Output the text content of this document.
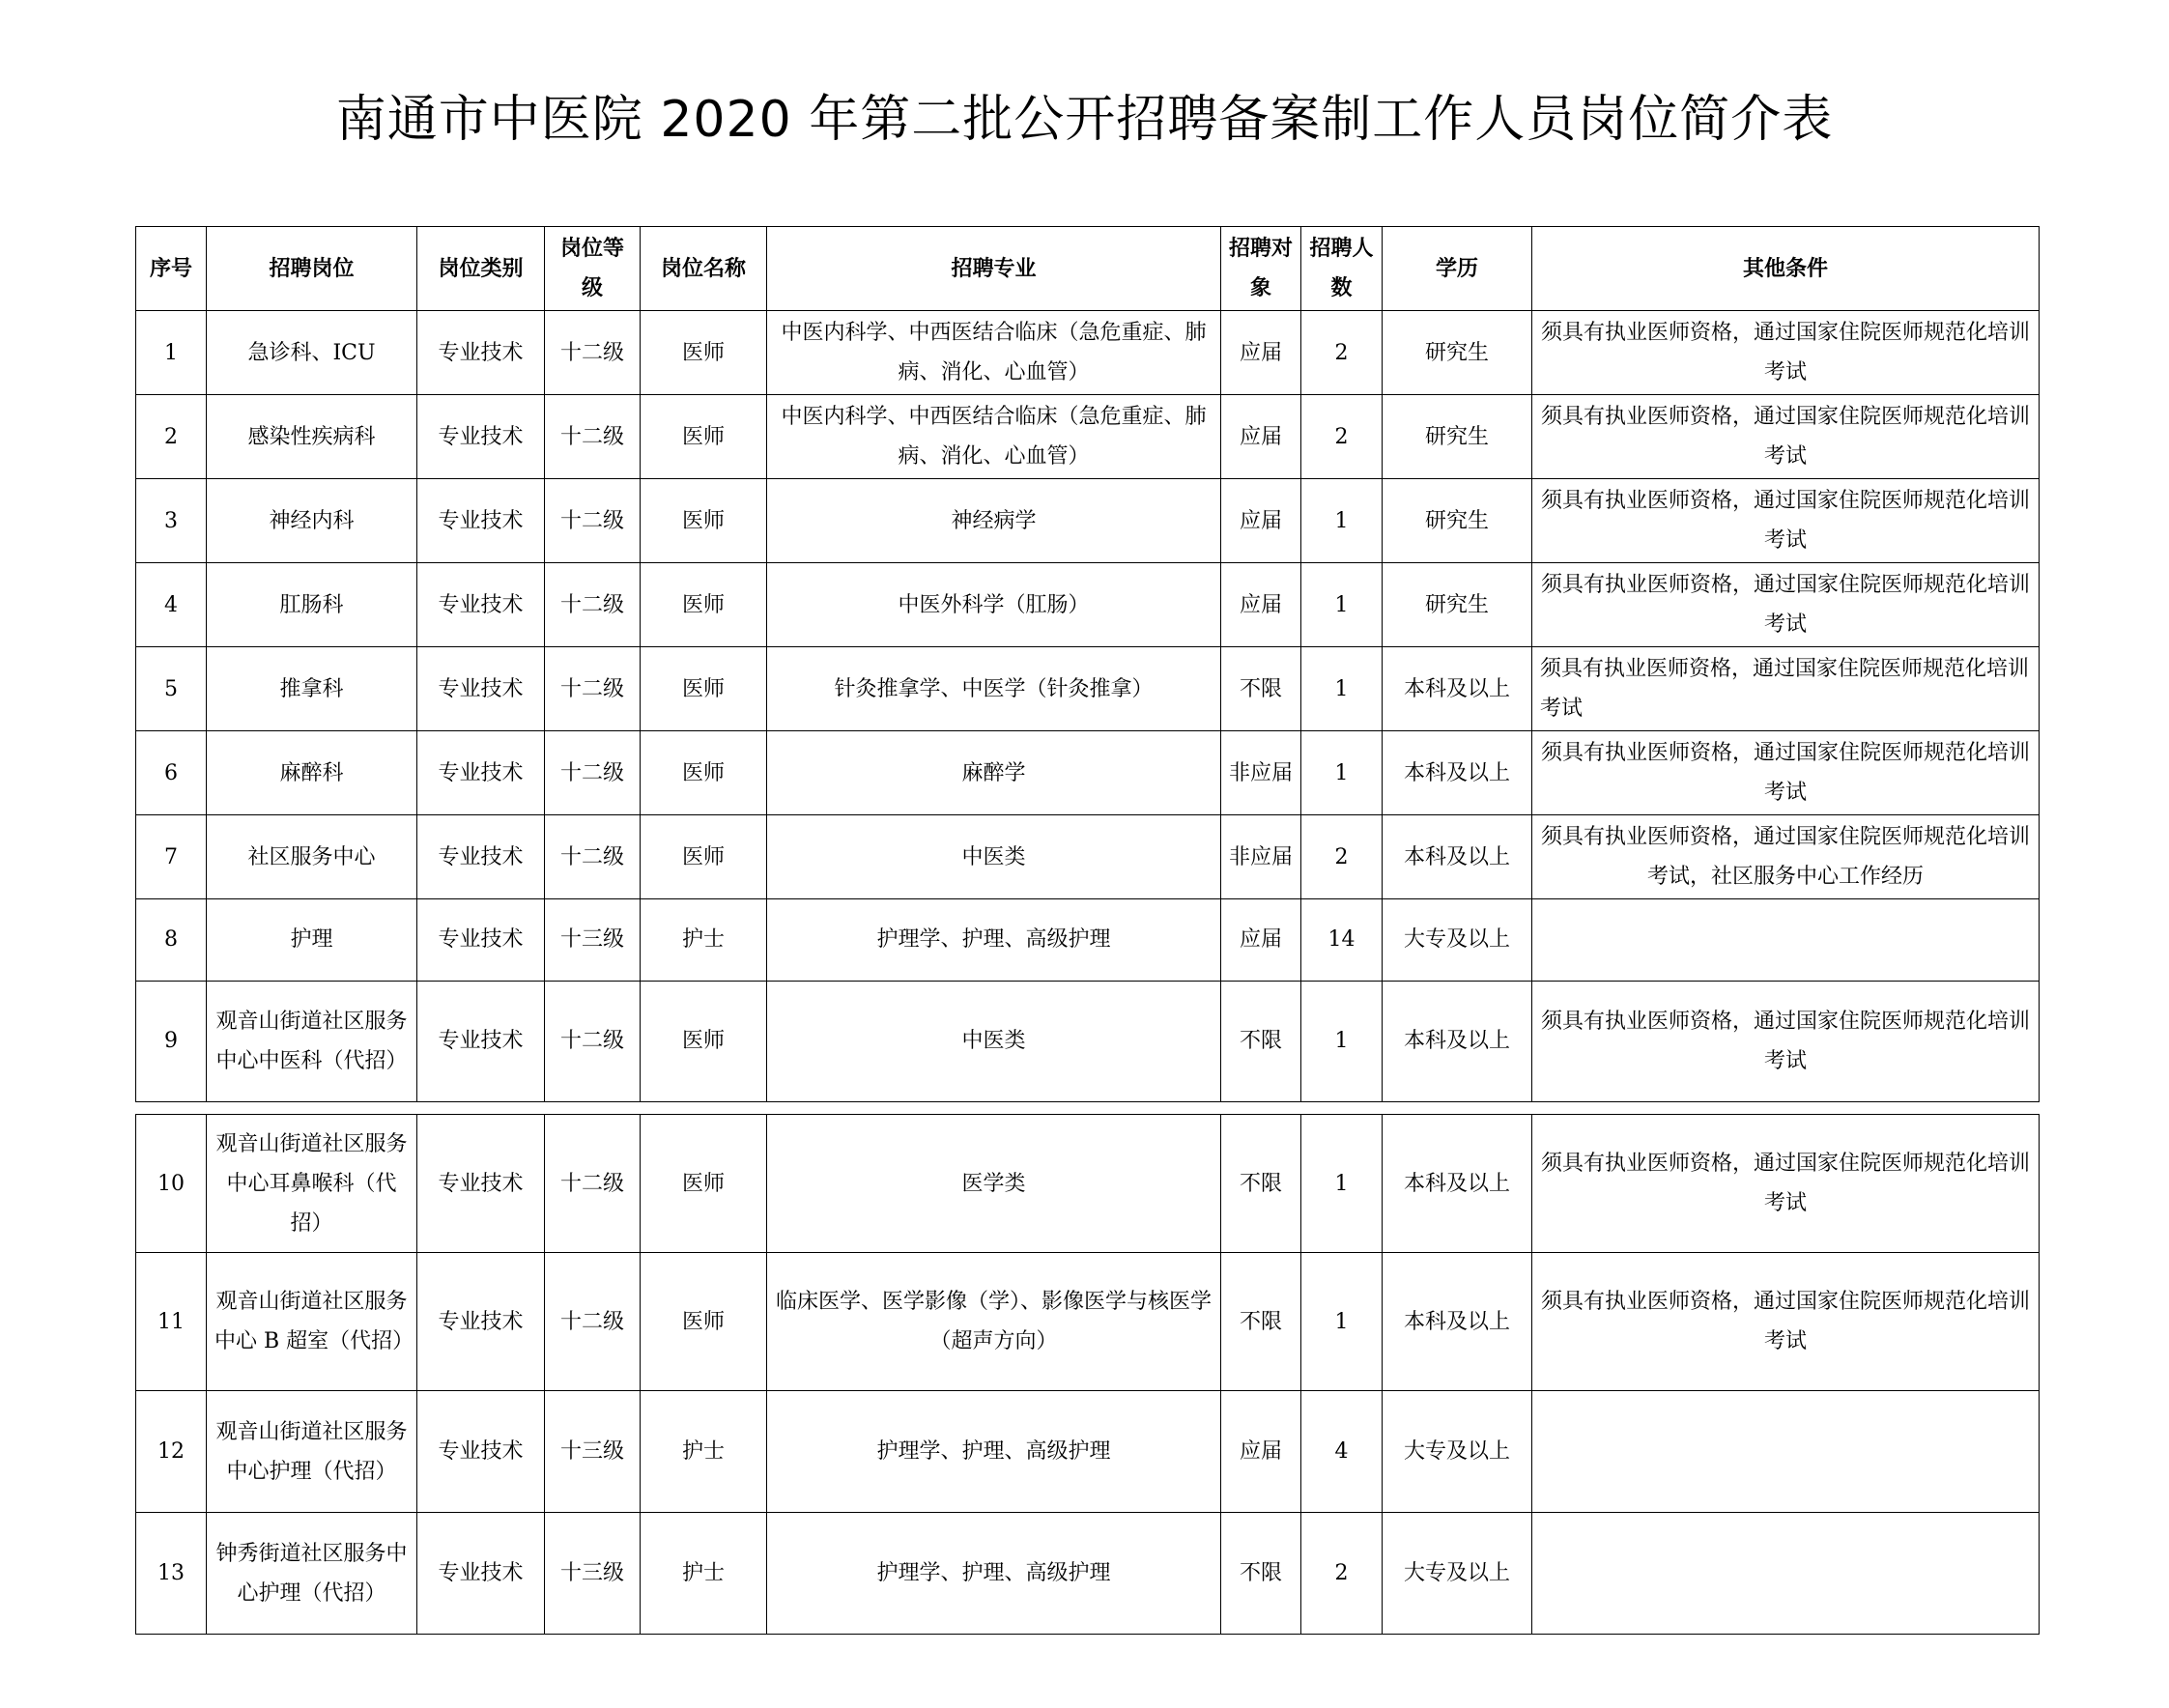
南通市中医院 2020 年第二批公开招聘备案制工作人员岗位简介表
序号	招聘岗位	岗位类别	岗位等级	岗位名称	招聘专业	招聘对象	招聘人数	学历	其他条件
1	急诊科、ICU	专业技术	十二级	医师	中医内科学、中西医结合临床（急危重症、肺病、消化、心血管）	应届	2	研究生	须具有执业医师资格，通过国家住院医师规范化培训考试
2	感染性疾病科	专业技术	十二级	医师	中医内科学、中西医结合临床（急危重症、肺病、消化、心血管）	应届	2	研究生	须具有执业医师资格，通过国家住院医师规范化培训考试
3	神经内科	专业技术	十二级	医师	神经病学	应届	1	研究生	须具有执业医师资格，通过国家住院医师规范化培训考试
4	肛肠科	专业技术	十二级	医师	中医外科学（肛肠）	应届	1	研究生	须具有执业医师资格，通过国家住院医师规范化培训考试
5	推拿科	专业技术	十二级	医师	针灸推拿学、中医学（针灸推拿）	不限	1	本科及以上	须具有执业医师资格，通过国家住院医师规范化培训考试
6	麻醉科	专业技术	十二级	医师	麻醉学	非应届	1	本科及以上	须具有执业医师资格，通过国家住院医师规范化培训考试
7	社区服务中心	专业技术	十二级	医师	中医类	非应届	2	本科及以上	须具有执业医师资格，通过国家住院医师规范化培训考试，社区服务中心工作经历
8	护理	专业技术	十三级	护士	护理学、护理、高级护理	应届	14	大专及以上	
9	观音山街道社区服务中心中医科（代招）	专业技术	十二级	医师	中医类	不限	1	本科及以上	须具有执业医师资格，通过国家住院医师规范化培训考试
10	观音山街道社区服务中心耳鼻喉科（代招）	专业技术	十二级	医师	医学类	不限	1	本科及以上	须具有执业医师资格，通过国家住院医师规范化培训考试
11	观音山街道社区服务中心 B 超室（代招）	专业技术	十二级	医师	临床医学、医学影像（学）、影像医学与核医学（超声方向）	不限	1	本科及以上	须具有执业医师资格，通过国家住院医师规范化培训考试
12	观音山街道社区服务中心护理（代招）	专业技术	十三级	护士	护理学、护理、高级护理	应届	4	大专及以上	
13	钟秀街道社区服务中心护理（代招）	专业技术	十三级	护士	护理学、护理、高级护理	不限	2	大专及以上	
